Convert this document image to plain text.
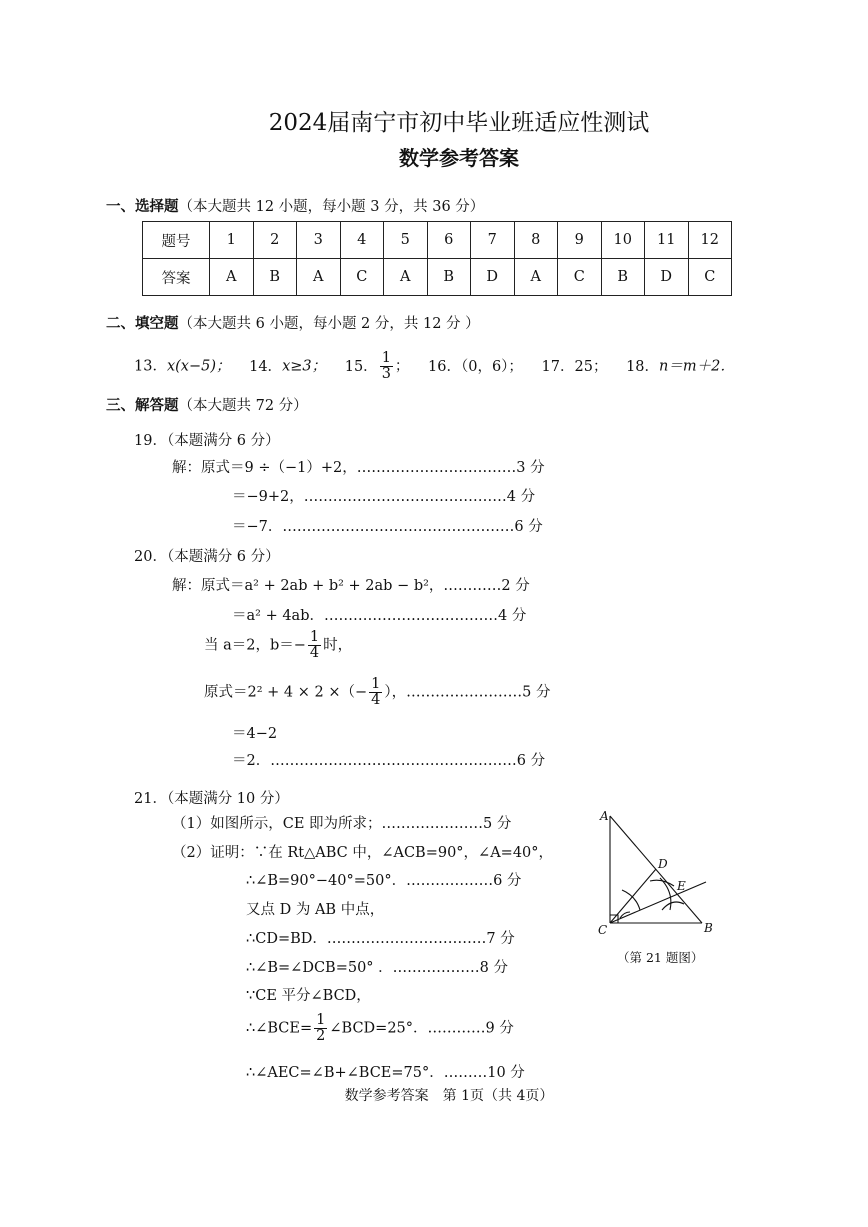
2024届南宁市初中毕业班适应性测试
数学参考答案
一、选择题（本大题共 12 小题，每小题 3 分，共 36 分）
题号	1	2	3	4	5	6	7	8	9	10	11	12
答案	A	B	A	C	A	B	D	A	C	B	D	C
二、填空题（本大题共 6 小题，每小题 2 分，共 12 分 ）
13．x(x−5)； 14．x≥3； 15． $\frac{1}{3}$ ； 16．（0，6）； 17．25； 18．n＝m＋2．
三、解答题（本大题共 72 分）
19．（本题满分 6 分）
解：原式＝9 ÷（−1）+2，……………………………3 分
＝−9+2，……………………………………4 分
＝−7．…………………………………………6 分
20．（本题满分 6 分）
解：原式＝a² + 2ab + b² + 2ab − b²，…………2 分
＝a² + 4ab．………………………………4 分
当 a＝2，$b=- \frac{1}{4}$ 时，
原式＝2² + 4 × 2 ×（− $\frac{1}{4}$ ），……………………5 分
＝4−2
＝2．……………………………………………6 分
21．（本题满分 10 分）
（1）如图所示，CE 即为所求；…………………5 分
（2）证明：∵在 Rt△ABC 中，∠ACB=90°，∠A=40°，
∴∠B=90°−40°=50°．………………6 分
又点 D 为 AB 中点，
∴CD=BD．……………………………7 分
∴∠B=∠DCB=50° ．………………8 分
∵CE 平分∠BCD，
∴∠BCE= $\frac{1}{2}$ ∠BCD=25°．…………9 分
∴∠AEC=∠B+∠BCE=75°．………10 分
A
C	B
D
E
（第 21 题图）
数学参考答案　第 1页（共 4页）
